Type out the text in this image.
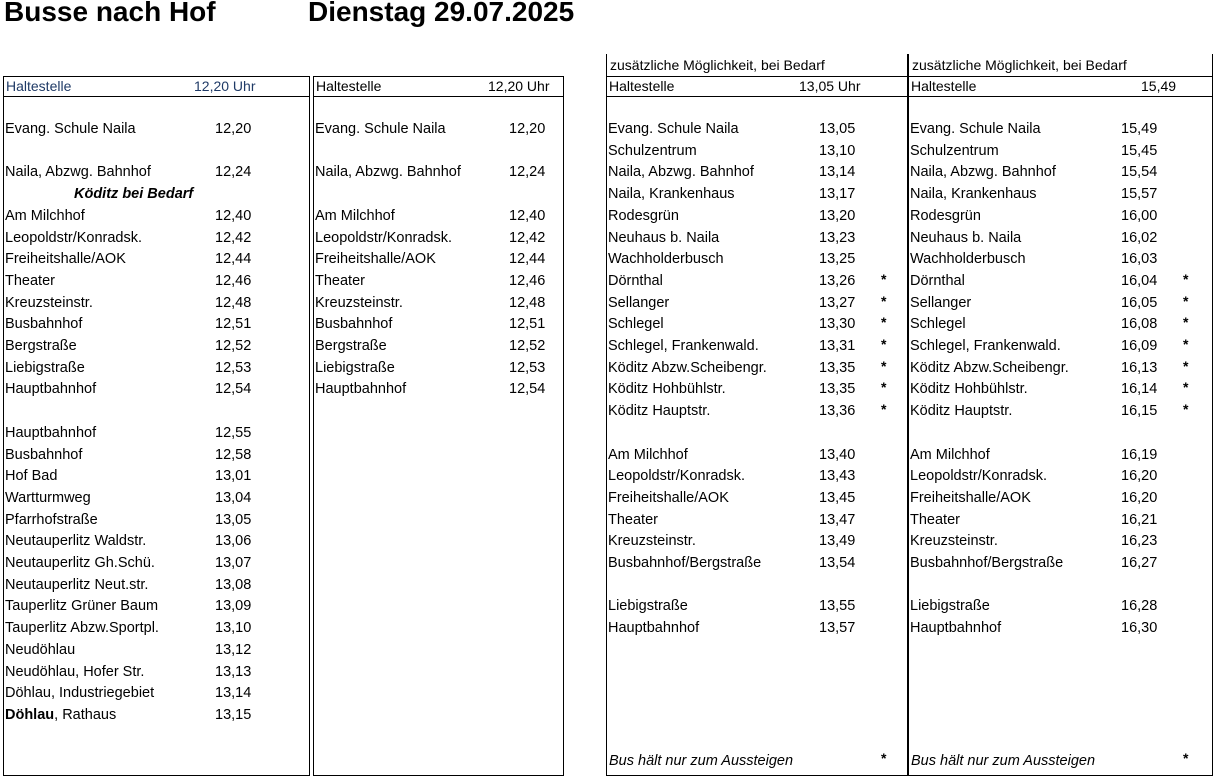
Busse nach Hof	Dienstag 29.07.2025
Haltestelle	12,20 Uhr
Evang. Schule Naila	12,20
Naila, Abzwg. Bahnhof	12,24
Köditz bei Bedarf
Am Milchhof	12,40
Leopoldstr/Konradsk.	12,42
Freiheitshalle/AOK	12,44
Theater	12,46
Kreuzsteinstr.	12,48
Busbahnhof	12,51
Bergstraße	12,52
Liebigstraße	12,53
Hauptbahnhof	12,54
Hauptbahnhof	12,55
Busbahnhof	12,58
Hof Bad	13,01
Wartturmweg	13,04
Pfarrhofstraße	13,05
Neutauperlitz Waldstr.	13,06
Neutauperlitz Gh.Schü.	13,07
Neutauperlitz Neut.str.	13,08
Tauperlitz Grüner Baum	13,09
Tauperlitz Abzw.Sportpl.	13,10
Neudöhlau	13,12
Neudöhlau, Hofer Str.	13,13
Döhlau, Industriegebiet	13,14
Döhlau, Rathaus	13,15
Haltestelle	12,20 Uhr
Evang. Schule Naila	12,20
Naila, Abzwg. Bahnhof	12,24
Am Milchhof	12,40
Leopoldstr/Konradsk.	12,42
Freiheitshalle/AOK	12,44
Theater	12,46
Kreuzsteinstr.	12,48
Busbahnhof	12,51
Bergstraße	12,52
Liebigstraße	12,53
Hauptbahnhof	12,54
zusätzliche Möglichkeit, bei Bedarf
Haltestelle	13,05 Uhr
Evang. Schule Naila	13,05
Schulzentrum	13,10
Naila, Abzwg. Bahnhof	13,14
Naila, Krankenhaus	13,17
Rodesgrün	13,20
Neuhaus b. Naila	13,23
Wachholderbusch	13,25
Dörnthal	13,26 *
Sellanger	13,27 *
Schlegel	13,30 *
Schlegel, Frankenwald.	13,31 *
Köditz Abzw.Scheibengr.	13,35 *
Köditz Hohbühlstr.	13,35 *
Köditz Hauptstr.	13,36 *
Am Milchhof	13,40
Leopoldstr/Konradsk.	13,43
Freiheitshalle/AOK	13,45
Theater	13,47
Kreuzsteinstr.	13,49
Busbahnhof/Bergstraße	13,54
Liebigstraße	13,55
Hauptbahnhof	13,57
Bus hält nur zum Aussteigen	*
zusätzliche Möglichkeit, bei Bedarf
Haltestelle	15,49
Evang. Schule Naila	15,49
Schulzentrum	15,45
Naila, Abzwg. Bahnhof	15,54
Naila, Krankenhaus	15,57
Rodesgrün	16,00
Neuhaus b. Naila	16,02
Wachholderbusch	16,03
Dörnthal	16,04 *
Sellanger	16,05 *
Schlegel	16,08 *
Schlegel, Frankenwald.	16,09 *
Köditz Abzw.Scheibengr.	16,13 *
Köditz Hohbühlstr.	16,14 *
Köditz Hauptstr.	16,15 *
Am Milchhof	16,19
Leopoldstr/Konradsk.	16,20
Freiheitshalle/AOK	16,20
Theater	16,21
Kreuzsteinstr.	16,23
Busbahnhof/Bergstraße	16,27
Liebigstraße	16,28
Hauptbahnhof	16,30
Bus hält nur zum Aussteigen	*
